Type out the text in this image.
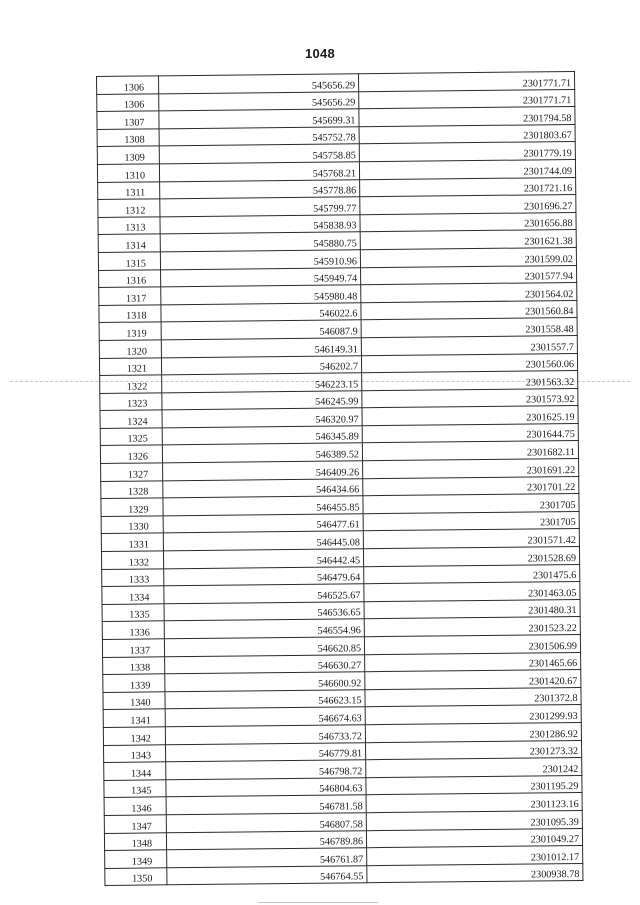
1048
1306	545656.29	2301771.71
1306	545656.29	2301771.71
1307	545699.31	2301794.58
1308	545752.78	2301803.67
1309	545758.85	2301779.19
1310	545768.21	2301744.09
1311	545778.86	2301721.16
1312	545799.77	2301696.27
1313	545838.93	2301656.88
1314	545880.75	2301621.38
1315	545910.96	2301599.02
1316	545949.74	2301577.94
1317	545980.48	2301564.02
1318	546022.6	2301560.84
1319	546087.9	2301558.48
1320	546149.31	2301557.7
1321	546202.7	2301560.06
1322	546223.15	2301563.32
1323	546245.99	2301573.92
1324	546320.97	2301625.19
1325	546345.89	2301644.75
1326	546389.52	2301682.11
1327	546409.26	2301691.22
1328	546434.66	2301701.22
1329	546455.85	2301705
1330	546477.61	2301705
1331	546445.08	2301571.42
1332	546442.45	2301528.69
1333	546479.64	2301475.6
1334	546525.67	2301463.05
1335	546536.65	2301480.31
1336	546554.96	2301523.22
1337	546620.85	2301506.99
1338	546630.27	2301465.66
1339	546600.92	2301420.67
1340	546623.15	2301372.8
1341	546674.63	2301299.93
1342	546733.72	2301286.92
1343	546779.81	2301273.32
1344	546798.72	2301242
1345	546804.63	2301195.29
1346	546781.58	2301123.16
1347	546807.58	2301095.39
1348	546789.86	2301049.27
1349	546761.87	2301012.17
1350	546764.55	2300938.78
